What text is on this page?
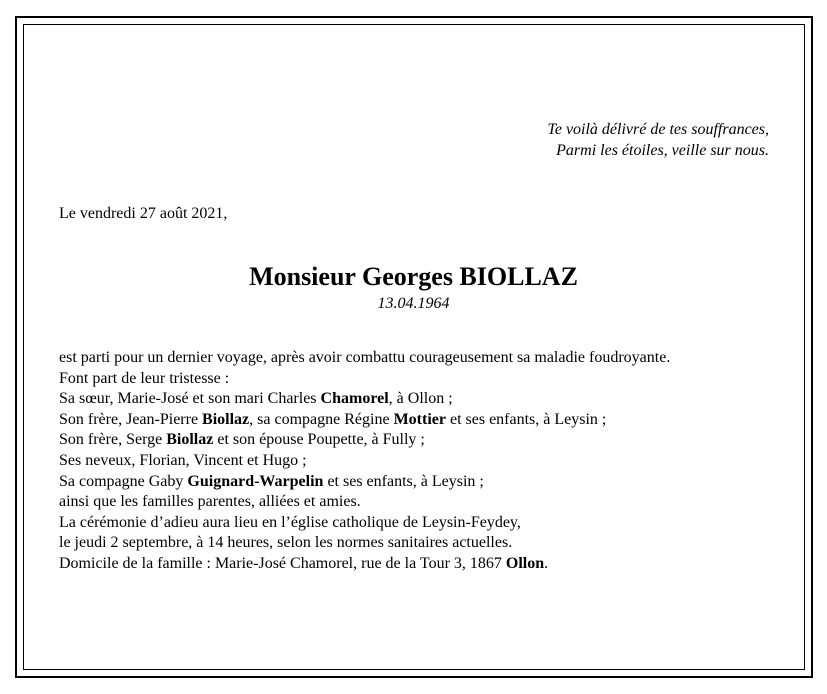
Te voilà délivré de tes souffrances,
Parmi les étoiles, veille sur nous.
Le vendredi 27 août 2021,
Monsieur Georges BIOLLAZ
13.04.1964
est parti pour un dernier voyage, après avoir combattu courageusement sa maladie foudroyante.
Font part de leur tristesse :
Sa sœur, Marie-José et son mari Charles Chamorel, à Ollon ;
Son frère, Jean-Pierre Biollaz, sa compagne Régine Mottier et ses enfants, à Leysin ;
Son frère, Serge Biollaz et son épouse Poupette, à Fully ;
Ses neveux, Florian, Vincent et Hugo ;
Sa compagne Gaby Guignard-Warpelin et ses enfants, à Leysin ;
ainsi que les familles parentes, alliées et amies.
La cérémonie d’adieu aura lieu en l’église catholique de Leysin-Feydey,
le jeudi 2 septembre, à 14 heures, selon les normes sanitaires actuelles.
Domicile de la famille : Marie-José Chamorel, rue de la Tour 3, 1867 Ollon.
